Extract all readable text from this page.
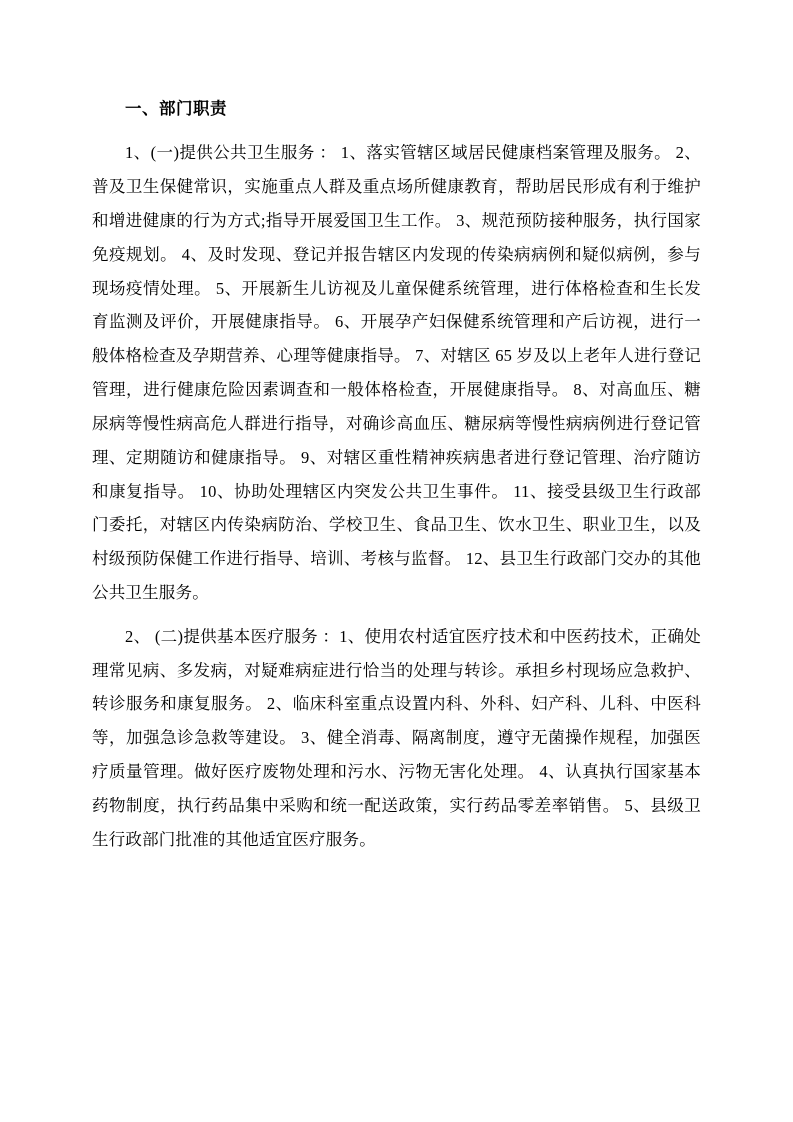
一、部门职责

1、(一)提供公共卫生服务 ： 1、落实管辖区域居民健康档案管理及服务。 2、普及卫生保健常识，实施重点人群及重点场所健康教育，帮助居民形成有利于维护和增进健康的行为方式;指导开展爱国卫生工作。 3、规范预防接种服务，执行国家免疫规划。 4、及时发现、登记并报告辖区内发现的传染病病例和疑似病例，参与现场疫情处理。 5、开展新生儿访视及儿童保健系统管理，进行体格检查和生长发育监测及评价，开展健康指导。 6、开展孕产妇保健系统管理和产后访视，进行一般体格检查及孕期营养、心理等健康指导。 7、对辖区 65 岁及以上老年人进行登记管理，进行健康危险因素调查和一般体格检查，开展健康指导。 8、对高血压、糖尿病等慢性病高危人群进行指导，对确诊高血压、糖尿病等慢性病病例进行登记管理、定期随访和健康指导。 9、对辖区重性精神疾病患者进行登记管理、治疗随访和康复指导。 10、协助处理辖区内突发公共卫生事件。 11、接受县级卫生行政部门委托，对辖区内传染病防治、学校卫生、食品卫生、饮水卫生、职业卫生，以及村级预防保健工作进行指导、培训、考核与监督。 12、县卫生行政部门交办的其他公共卫生服务。

2、 (二)提供基本医疗服务 ：1、使用农村适宜医疗技术和中医药技术，正确处理常见病、多发病，对疑难病症进行恰当的处理与转诊。承担乡村现场应急救护、转诊服务和康复服务。 2、临床科室重点设置内科、外科、妇产科、儿科、中医科等，加强急诊急救等建设。 3、健全消毒、隔离制度，遵守无菌操作规程，加强医疗质量管理。做好医疗废物处理和污水、污物无害化处理。 4、认真执行国家基本药物制度，执行药品集中采购和统一配送政策，实行药品零差率销售。 5、县级卫生行政部门批准的其他适宜医疗服务。
